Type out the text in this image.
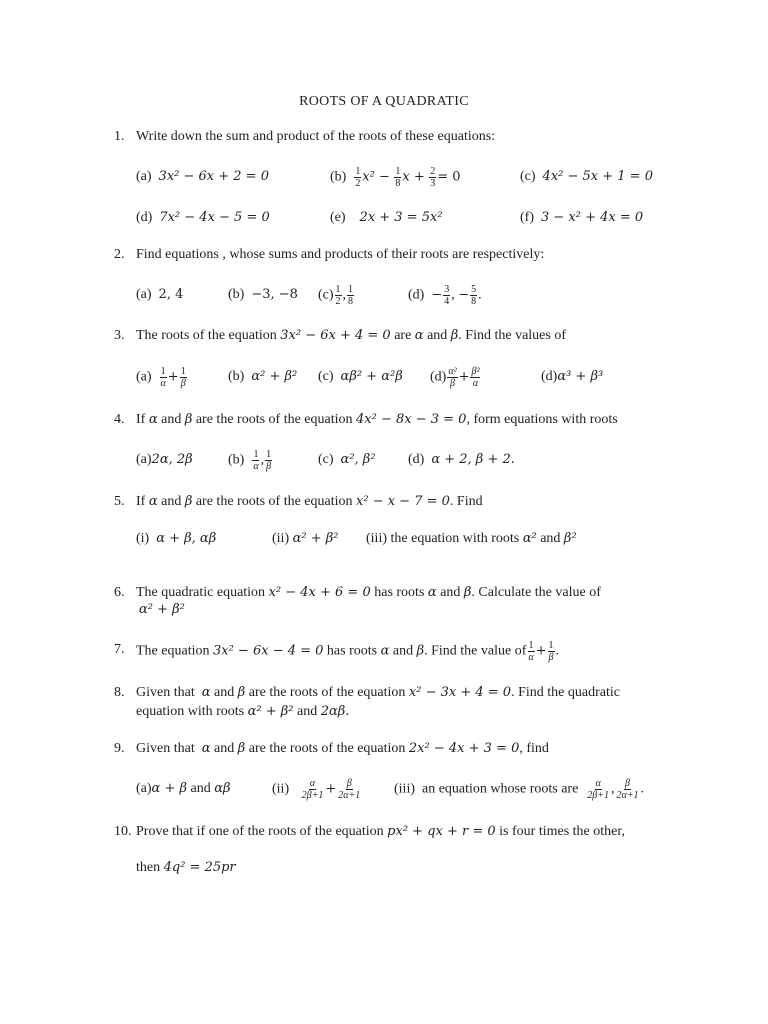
ROOTS OF A QUADRATIC
1. Write down the sum and product of the roots of these equations:
(a) 3x² − 6x + 2 = 0	$(b) \frac{1}{2} x^2 - \frac{1}{8}$ $x + \frac{2}{3} = 0$	(c) 4x² − 5x + 1 = 0
(d) 7x² − 4x − 5 = 0	(e) 2x + 3 = 5x²	(f) 3 − x² + 4x = 0
2. Find equations , whose sums and products of their roots are respectively:
(a) 2, 4	(b) −3, −8 $(c) \frac{1}{2}$ , $\frac{1}{8}$	$(d) - \frac{3}{4}$ , − $\frac{5}{8}$ .
3. The roots of the equation 3x² − 6x + 4 = 0 are α and β. Find the values of
$(a) \frac{1}{\alpha} + \frac{1}{\beta}$	(b) α² + β² (c) αβ² + α²β $(d) \frac{\text{α²}}{\beta} + \frac{\text{β²}}{\alpha}$	(d)α³ + β³
4. If α and β are the roots of the equation 4x² − 8x − 3 = 0, form equations with roots
(a)2α, 2β	$(b) \frac{1}{\alpha}$ , $\frac{1}{\beta}$	(c) α², β² (d) α + 2, β + 2.
5. If α and β are the roots of the equation x² − x − 7 = 0. Find
(i) α + β, αβ	(ii) α² + β² (iii) the equation with roots α² and β²
6. The quadratic equation x² − 4x + 6 = 0 has roots α and β. Calculate the value of
α² + β²
7. The equation 3x² − 6x − 4 = 0 has roots α and β. Find the value of $\frac{1}{\alpha} + \frac{1}{\beta}$ .
8. Given that α and β are the roots of the equation x² − 3x + 4 = 0. Find the quadratic
equation with roots α² + β² and 2αβ.
9. Given that α and β are the roots of the equation 2x² − 4x + 3 = 0, find
(a)α + β and αβ	$(ii) \frac{\alpha}{2\beta+1} + \frac{\beta}{2\alpha+1} (iii)$ an equation whose roots are $\frac{\alpha}{2\beta+1}$ , $\frac{\beta}{2\alpha+1}$ .
10. Prove that if one of the roots of the equation px² + qx + r = 0 is four times the other,
then 4q² = 25pr
